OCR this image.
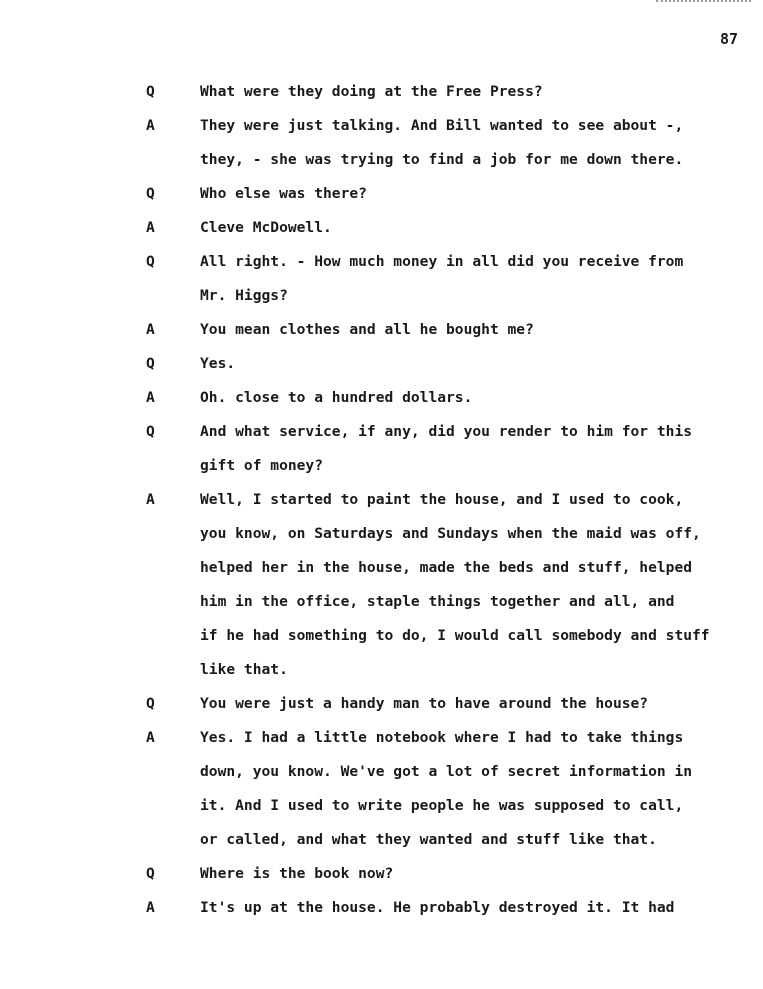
87
Q	What were they doing at the Free Press?
A	They were just talking. And Bill wanted to see about -,
they, - she was trying to find a job for me down there.
Q	Who else was there?
A	Cleve McDowell.
Q	All right. - How much money in all did you receive from
Mr. Higgs?
A	You mean clothes and all he bought me?
Q	Yes.
A	Oh. close to a hundred dollars.
Q	And what service, if any, did you render to him for this
gift of money?
A	Well, I started to paint the house, and I used to cook,
you know, on Saturdays and Sundays when the maid was off,
helped her in the house, made the beds and stuff, helped
him in the office, staple things together and all, and
if he had something to do, I would call somebody and stuff
like that.
Q	You were just a handy man to have around the house?
A	Yes. I had a little notebook where I had to take things
down, you know. We've got a lot of secret information in
it. And I used to write people he was supposed to call,
or called, and what they wanted and stuff like that.
Q	Where is the book now?
A	It's up at the house. He probably destroyed it. It had
